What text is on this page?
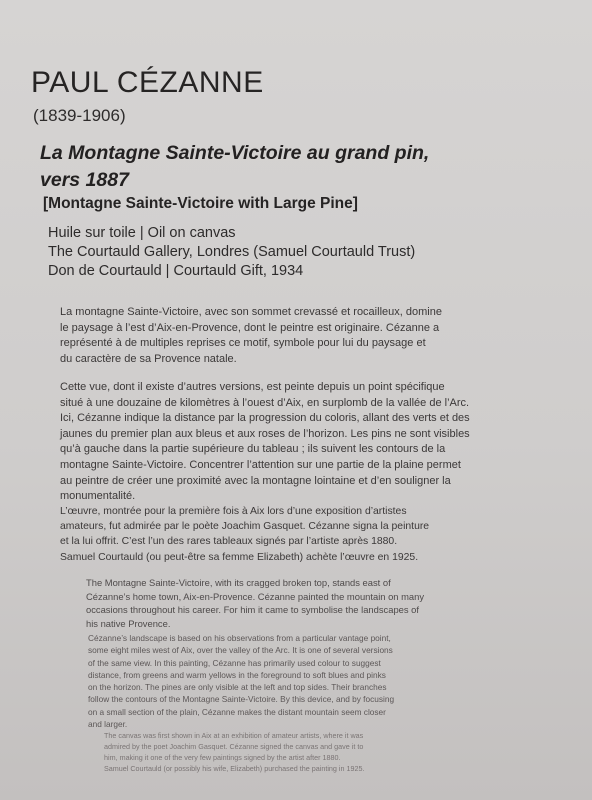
PAUL CÉZANNE
(1839-1906)
La Montagne Sainte-Victoire au grand pin,
vers 1887
[Montagne Sainte-Victoire with Large Pine]
Huile sur toile | Oil on canvas
The Courtauld Gallery, Londres (Samuel Courtauld Trust)
Don de Courtauld | Courtauld Gift, 1934
La montagne Sainte-Victoire, avec son sommet crevassé et rocailleux, domine
le paysage à l’est d’Aix-en-Provence, dont le peintre est originaire. Cézanne a
représenté à de multiples reprises ce motif, symbole pour lui du paysage et
du caractère de sa Provence natale.
Cette vue, dont il existe d’autres versions, est peinte depuis un point spécifique
situé à une douzaine de kilomètres à l’ouest d’Aix, en surplomb de la vallée de l’Arc.
Ici, Cézanne indique la distance par la progression du coloris, allant des verts et des
jaunes du premier plan aux bleus et aux roses de l’horizon. Les pins ne sont visibles
qu’à gauche dans la partie supérieure du tableau ; ils suivent les contours de la
montagne Sainte-Victoire. Concentrer l’attention sur une partie de la plaine permet
au peintre de créer une proximité avec la montagne lointaine et d’en souligner la
monumentalité.
L’œuvre, montrée pour la première fois à Aix lors d’une exposition d’artistes
amateurs, fut admirée par le poète Joachim Gasquet. Cézanne signa la peinture
et la lui offrit. C’est l’un des rares tableaux signés par l’artiste après 1880.
Samuel Courtauld (ou peut-être sa femme Elizabeth) achète l’œuvre en 1925.
The Montagne Sainte-Victoire, with its cragged broken top, stands east of
Cézanne’s home town, Aix-en-Provence. Cézanne painted the mountain on many
occasions throughout his career. For him it came to symbolise the landscapes of
his native Provence.
Cézanne’s landscape is based on his observations from a particular vantage point,
some eight miles west of Aix, over the valley of the Arc. It is one of several versions
of the same view. In this painting, Cézanne has primarily used colour to suggest
distance, from greens and warm yellows in the foreground to soft blues and pinks
on the horizon. The pines are only visible at the left and top sides. Their branches
follow the contours of the Montagne Sainte-Victoire. By this device, and by focusing
on a small section of the plain, Cézanne makes the distant mountain seem closer
and larger.
The canvas was first shown in Aix at an exhibition of amateur artists, where it was
admired by the poet Joachim Gasquet. Cézanne signed the canvas and gave it to
him, making it one of the very few paintings signed by the artist after 1880.
Samuel Courtauld (or possibly his wife, Elizabeth) purchased the painting in 1925.
